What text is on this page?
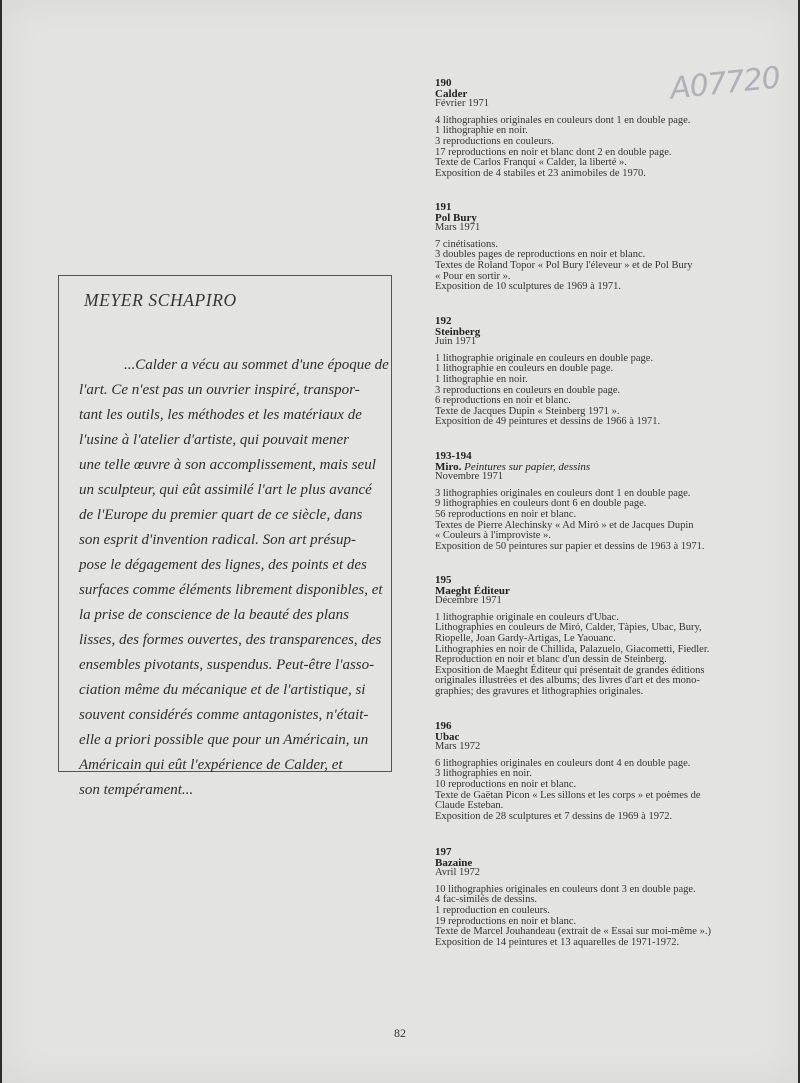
A07720
MEYER SCHAPIRO
...Calder a vécu au sommet d'une époque de
l'art. Ce n'est pas un ouvrier inspiré, transpor-
tant les outils, les méthodes et les matériaux de
l'usine à l'atelier d'artiste, qui pouvait mener
une telle œuvre à son accomplissement, mais seul
un sculpteur, qui eût assimilé l'art le plus avancé
de l'Europe du premier quart de ce siècle, dans
son esprit d'invention radical. Son art présup-
pose le dégagement des lignes, des points et des
surfaces comme éléments librement disponibles, et
la prise de conscience de la beauté des plans
lisses, des formes ouvertes, des transparences, des
ensembles pivotants, suspendus. Peut-être l'asso-
ciation même du mécanique et de l'artistique, si
souvent considérés comme antagonistes, n'était-
elle a priori possible que pour un Américain, un
Américain qui eût l'expérience de Calder, et
son tempérament...
190
Calder
Février 1971
4 lithographies originales en couleurs dont 1 en double page.
1 lithographie en noir.
3 reproductions en couleurs.
17 reproductions en noir et blanc dont 2 en double page.
Texte de Carlos Franqui « Calder, la liberté ».
Exposition de 4 stabiles et 23 animobiles de 1970.
191
Pol Bury
Mars 1971
7 cinétisations.
3 doubles pages de reproductions en noir et blanc.
Textes de Roland Topor « Pol Bury l'éleveur » et de Pol Bury
« Pour en sortir ».
Exposition de 10 sculptures de 1969 à 1971.
192
Steinberg
Juin 1971
1 lithographie originale en couleurs en double page.
1 lithographie en couleurs en double page.
1 lithographie en noir.
3 reproductions en couleurs en double page.
6 reproductions en noir et blanc.
Texte de Jacques Dupin « Steinberg 1971 ».
Exposition de 49 peintures et dessins de 1966 à 1971.
193-194
Miro. Peintures sur papier, dessins
Novembre 1971
3 lithographies originales en couleurs dont 1 en double page.
9 lithographies en couleurs dont 6 en double page.
56 reproductions en noir et blanc.
Textes de Pierre Alechinsky « Ad Miró » et de Jacques Dupin
« Couleurs à l'improviste ».
Exposition de 50 peintures sur papier et dessins de 1963 à 1971.
195
Maeght Éditeur
Décembre 1971
1 lithographie originale en couleurs d'Ubac.
Lithographies en couleurs de Miró, Calder, Tàpies, Ubac, Bury,
Riopelle, Joan Gardy-Artigas, Le Yaouanc.
Lithographies en noir de Chillida, Palazuelo, Giacometti, Fiedler.
Reproduction en noir et blanc d'un dessin de Steinberg.
Exposition de Maeght Éditeur qui présentait de grandes éditions
originales illustrées et des albums; des livres d'art et des mono-
graphies; des gravures et lithographies originales.
196
Ubac
Mars 1972
6 lithographies originales en couleurs dont 4 en double page.
3 lithographies en noir.
10 reproductions en noir et blanc.
Texte de Gaëtan Picon « Les sillons et les corps » et poèmes de
Claude Esteban.
Exposition de 28 sculptures et 7 dessins de 1969 à 1972.
197
Bazaine
Avril 1972
10 lithographies originales en couleurs dont 3 en double page.
4 fac-similés de dessins.
1 reproduction en couleurs.
19 reproductions en noir et blanc.
Texte de Marcel Jouhandeau (extrait de « Essai sur moi-même ».)
Exposition de 14 peintures et 13 aquarelles de 1971-1972.
82
